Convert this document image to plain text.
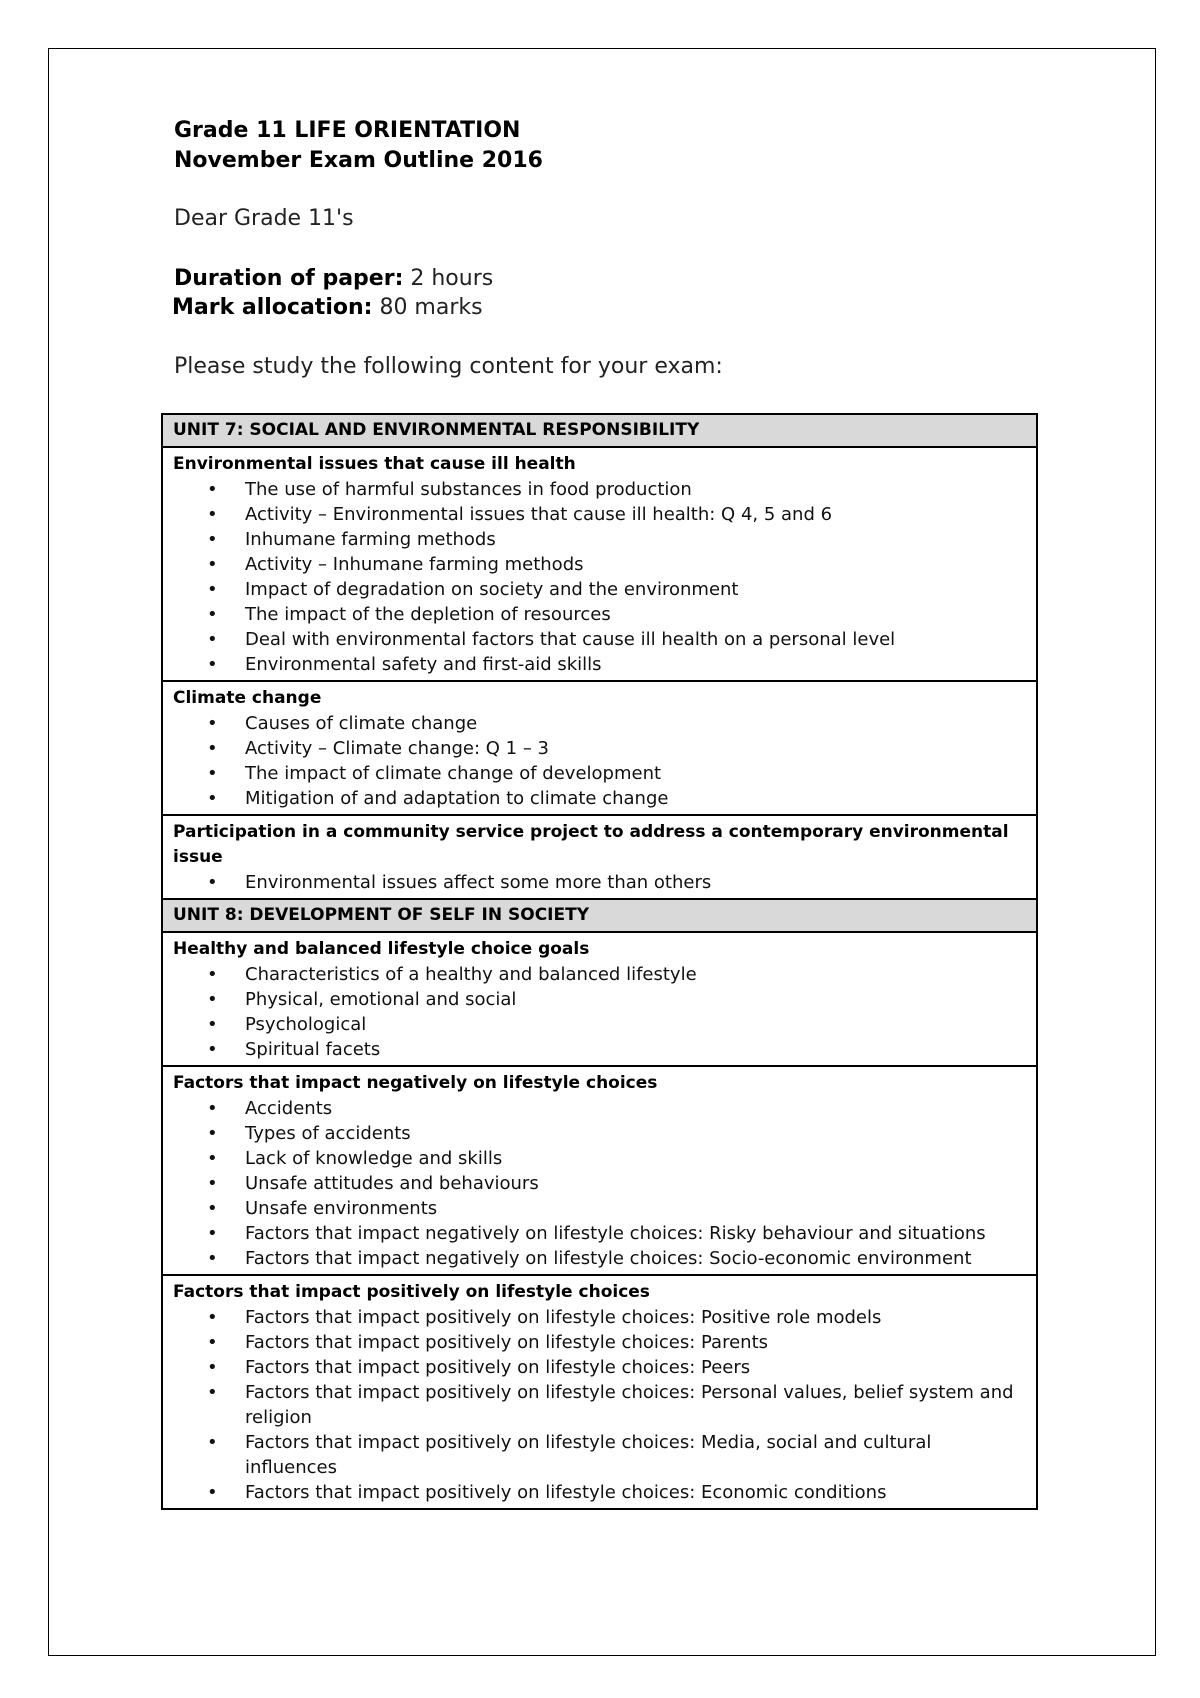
Grade 11 LIFE ORIENTATION

November Exam Outline 2016

Dear Grade 11's
Duration of paper: 2 hours
Mark allocation: 80 marks
Please study the following content for your exam:
UNIT 7: SOCIAL AND ENVIRONMENTAL RESPONSIBILITY

Environmental issues that cause ill health
• The use of harmful substances in food production
• Activity – Environmental issues that cause ill health: Q 4, 5 and 6
• Inhumane farming methods
• Activity – Inhumane farming methods
• Impact of degradation on society and the environment
• The impact of the depletion of resources
• Deal with environmental factors that cause ill health on a personal level
• Environmental safety and first-aid skills

Climate change
• Causes of climate change
• Activity – Climate change: Q 1 – 3
• The impact of climate change of development
• Mitigation of and adaptation to climate change

Participation in a community service project to address a contemporary environmental issue
• Environmental issues affect some more than others

UNIT 8: DEVELOPMENT OF SELF IN SOCIETY

Healthy and balanced lifestyle choice goals
• Characteristics of a healthy and balanced lifestyle
• Physical, emotional and social
• Psychological
• Spiritual facets

Factors that impact negatively on lifestyle choices
• Accidents
• Types of accidents
• Lack of knowledge and skills
• Unsafe attitudes and behaviours
• Unsafe environments
• Factors that impact negatively on lifestyle choices: Risky behaviour and situations
• Factors that impact negatively on lifestyle choices: Socio-economic environment

Factors that impact positively on lifestyle choices
• Factors that impact positively on lifestyle choices: Positive role models
• Factors that impact positively on lifestyle choices: Parents
• Factors that impact positively on lifestyle choices: Peers
• Factors that impact positively on lifestyle choices: Personal values, belief system and religion
• Factors that impact positively on lifestyle choices: Media, social and cultural influences
• Factors that impact positively on lifestyle choices: Economic conditions
